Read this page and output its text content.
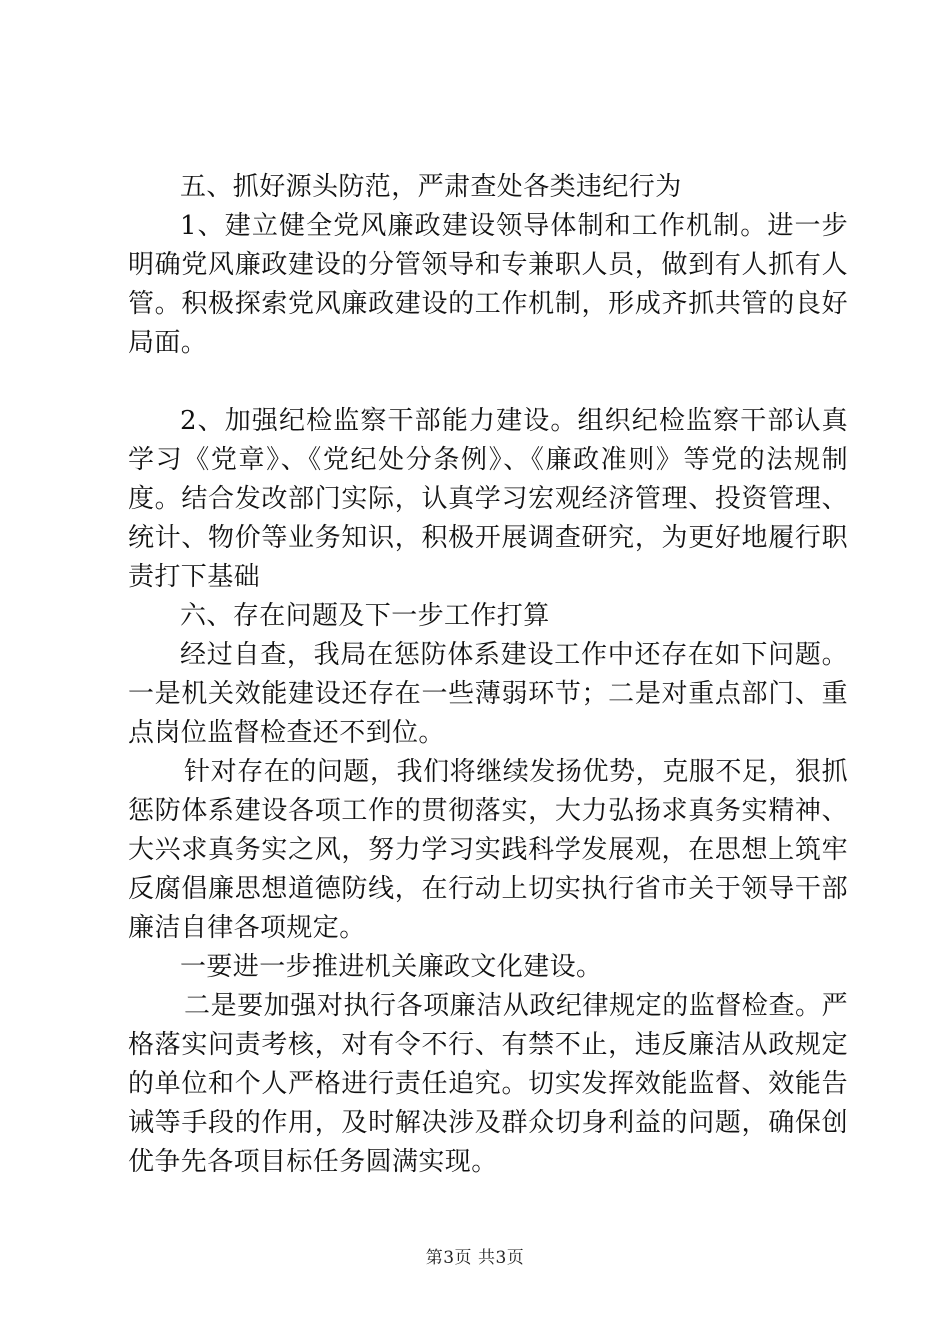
五、抓好源头防范，严肃查处各类违纪行为

1、建立健全党风廉政建设领导体制和工作机制。进一步明确党风廉政建设的分管领导和专兼职人员，做到有人抓有人管。积极探索党风廉政建设的工作机制，形成齐抓共管的良好局面。

2、加强纪检监察干部能力建设。组织纪检监察干部认真学习《党章》、《党纪处分条例》、《廉政准则》等党的法规制度。结合发改部门实际，认真学习宏观经济管理、投资管理、统计、物价等业务知识，积极开展调查研究，为更好地履行职责打下基础

六、存在问题及下一步工作打算

经过自查，我局在惩防体系建设工作中还存在如下问题。一是机关效能建设还存在一些薄弱环节；二是对重点部门、重点岗位监督检查还不到位。

针对存在的问题，我们将继续发扬优势，克服不足，狠抓惩防体系建设各项工作的贯彻落实，大力弘扬求真务实精神、大兴求真务实之风，努力学习实践科学发展观，在思想上筑牢反腐倡廉思想道德防线，在行动上切实执行省市关于领导干部廉洁自律各项规定。

一要进一步推进机关廉政文化建设。

二是要加强对执行各项廉洁从政纪律规定的监督检查。严格落实问责考核，对有令不行、有禁不止，违反廉洁从政规定的单位和个人严格进行责任追究。切实发挥效能监督、效能告诫等手段的作用，及时解决涉及群众切身利益的问题，确保创优争先各项目标任务圆满实现。

第3页 共3页
